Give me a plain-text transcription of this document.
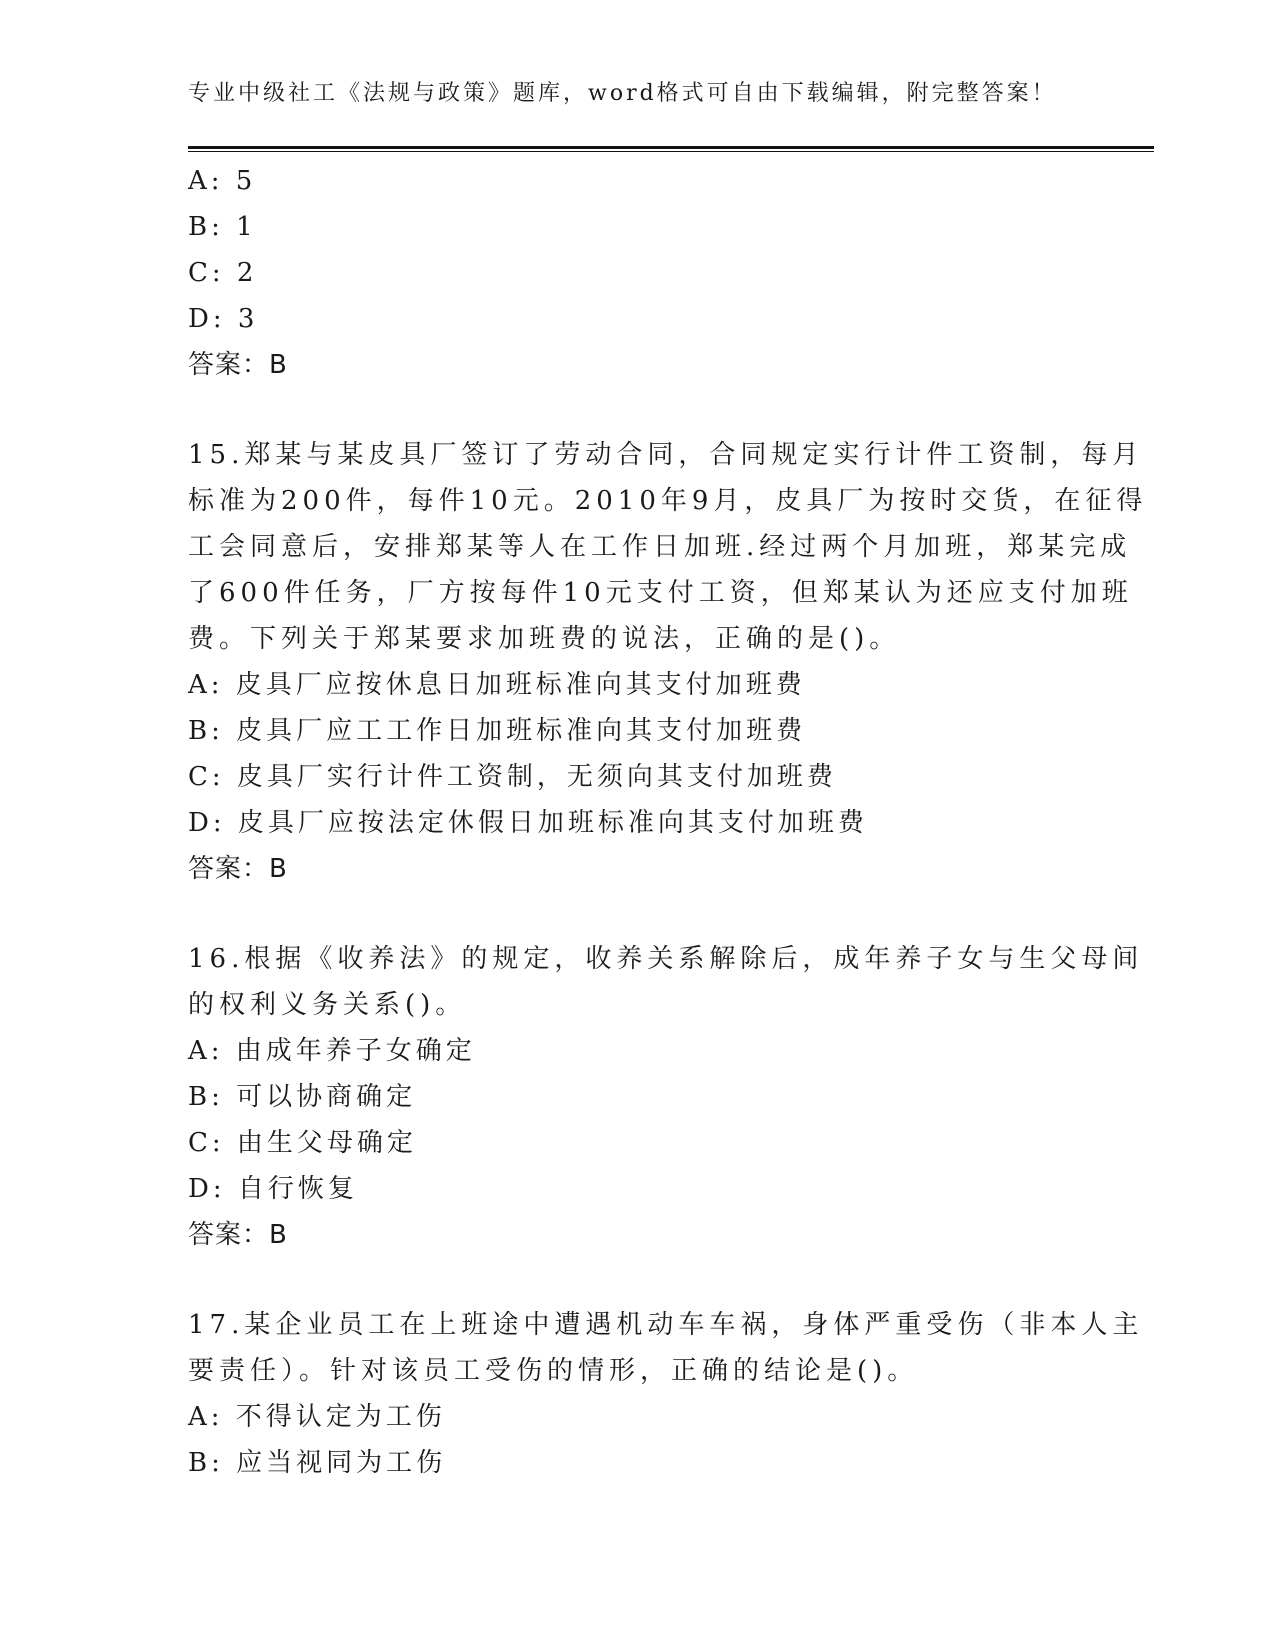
专业中级社工《法规与政策》题库，word格式可自由下载编辑，附完整答案！
A: 5
B: 1
C: 2
D: 3
答案：B
15.郑某与某皮具厂签订了劳动合同，合同规定实行计件工资制，每月
标准为200件，每件10元。2010年9月，皮具厂为按时交货，在征得
工会同意后，安排郑某等人在工作日加班.经过两个月加班，郑某完成
了600件任务，厂方按每件10元支付工资，但郑某认为还应支付加班
费。下列关于郑某要求加班费的说法，正确的是()。
A: 皮具厂应按休息日加班标准向其支付加班费
B: 皮具厂应工工作日加班标准向其支付加班费
C: 皮具厂实行计件工资制，无须向其支付加班费
D: 皮具厂应按法定休假日加班标准向其支付加班费
答案：B
16.根据《收养法》的规定，收养关系解除后，成年养子女与生父母间
的权利义务关系()。
A: 由成年养子女确定
B: 可以协商确定
C: 由生父母确定
D: 自行恢复
答案：B
17.某企业员工在上班途中遭遇机动车车祸，身体严重受伤（非本人主
要责任）。针对该员工受伤的情形，正确的结论是()。
A: 不得认定为工伤
B: 应当视同为工伤
